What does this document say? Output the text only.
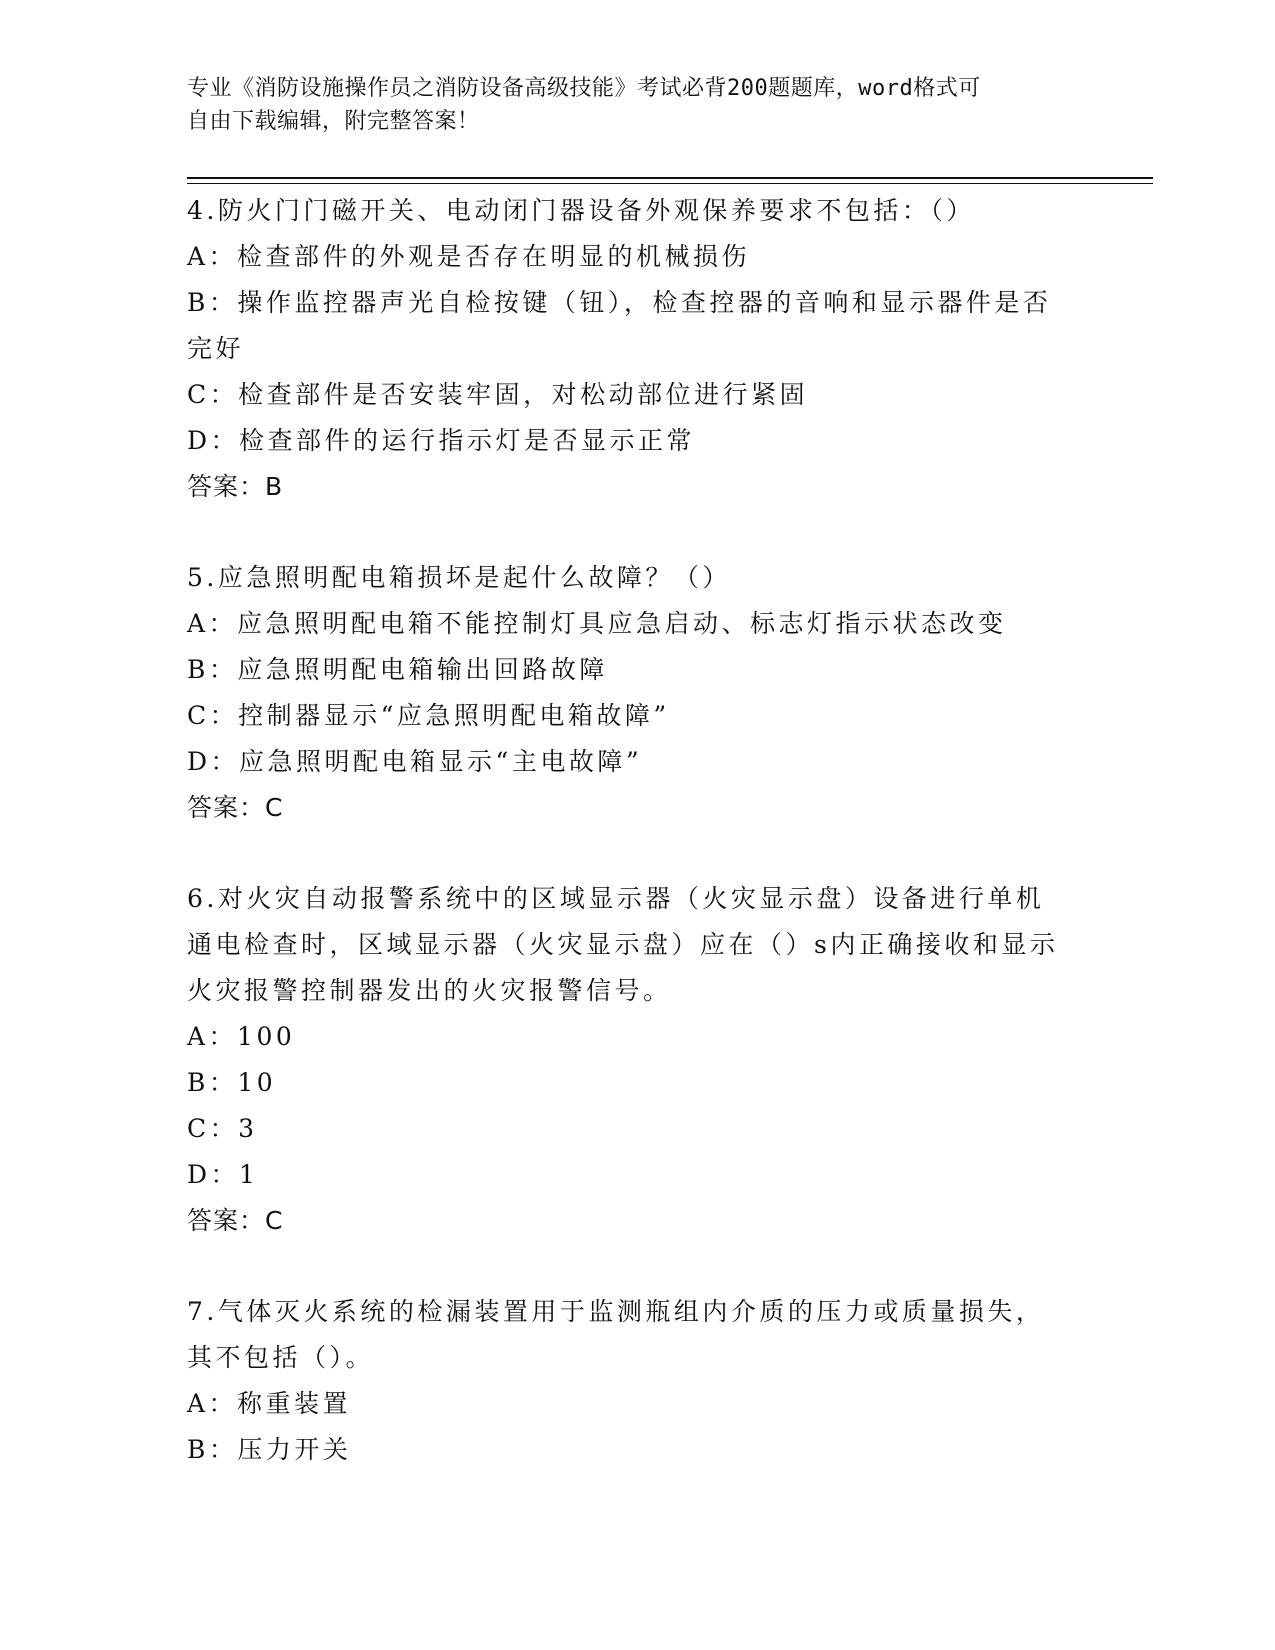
专业《消防设施操作员之消防设备高级技能》考试必背200题题库，word格式可
自由下载编辑，附完整答案！
4.防火门门磁开关、电动闭门器设备外观保养要求不包括：（）
A：检查部件的外观是否存在明显的机械损伤
B：操作监控器声光自检按键（钮），检查控器的音响和显示器件是否
完好
C：检查部件是否安装牢固，对松动部位进行紧固
D：检查部件的运行指示灯是否显示正常
答案：B
5.应急照明配电箱损坏是起什么故障？（）
A：应急照明配电箱不能控制灯具应急启动、标志灯指示状态改变
B：应急照明配电箱输出回路故障
C：控制器显示“应急照明配电箱故障”
D：应急照明配电箱显示“主电故障”
答案：C
6.对火灾自动报警系统中的区域显示器（火灾显示盘）设备进行单机
通电检查时，区域显示器（火灾显示盘）应在（）s内正确接收和显示
火灾报警控制器发出的火灾报警信号。
A：100
B：10
C：3
D：1
答案：C
7.气体灭火系统的检漏装置用于监测瓶组内介质的压力或质量损失，
其不包括（）。
A：称重装置
B：压力开关
